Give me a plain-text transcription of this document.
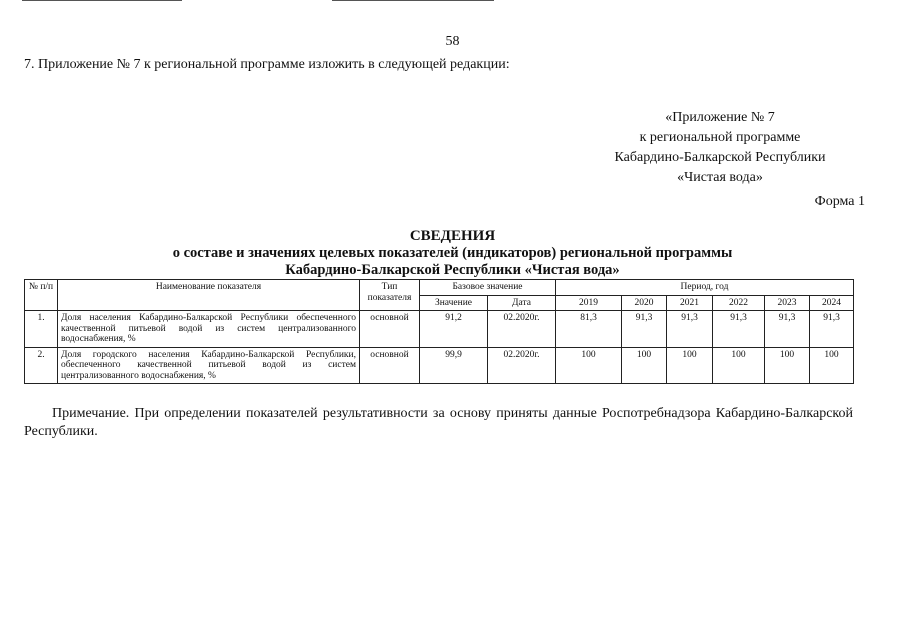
58
7. Приложение № 7 к региональной программе изложить в следующей редакции:
«Приложение № 7
к региональной программе
Кабардино-Балкарской Республики
«Чистая вода»
Форма 1
СВЕДЕНИЯ
о составе и значениях целевых показателей (индикаторов) региональной программы
Кабардино-Балкарской Республики «Чистая вода»
№ п/п	Наименование показателя	Тип показателя	Базовое значение		Период, год					
			Значение	Дата	2019	2020	2021	2022	2023	2024
1.	Доля населения Кабардино-Балкарской Республики обеспеченного качественной питьевой водой из систем централизованного водоснабжения, %	основной	91,2	02.2020г.	81,3	91,3	91,3	91,3	91,3	91,3
2.	Доля городского населения Кабардино-Балкарской Республики, обеспеченного качественной питьевой водой из систем централизованного водоснабжения, %	основной	99,9	02.2020г.	100	100	100	100	100	100
Примечание. При определении показателей результативности за основу приняты данные Роспотребнадзора Кабардино-Балкарской Республики.
